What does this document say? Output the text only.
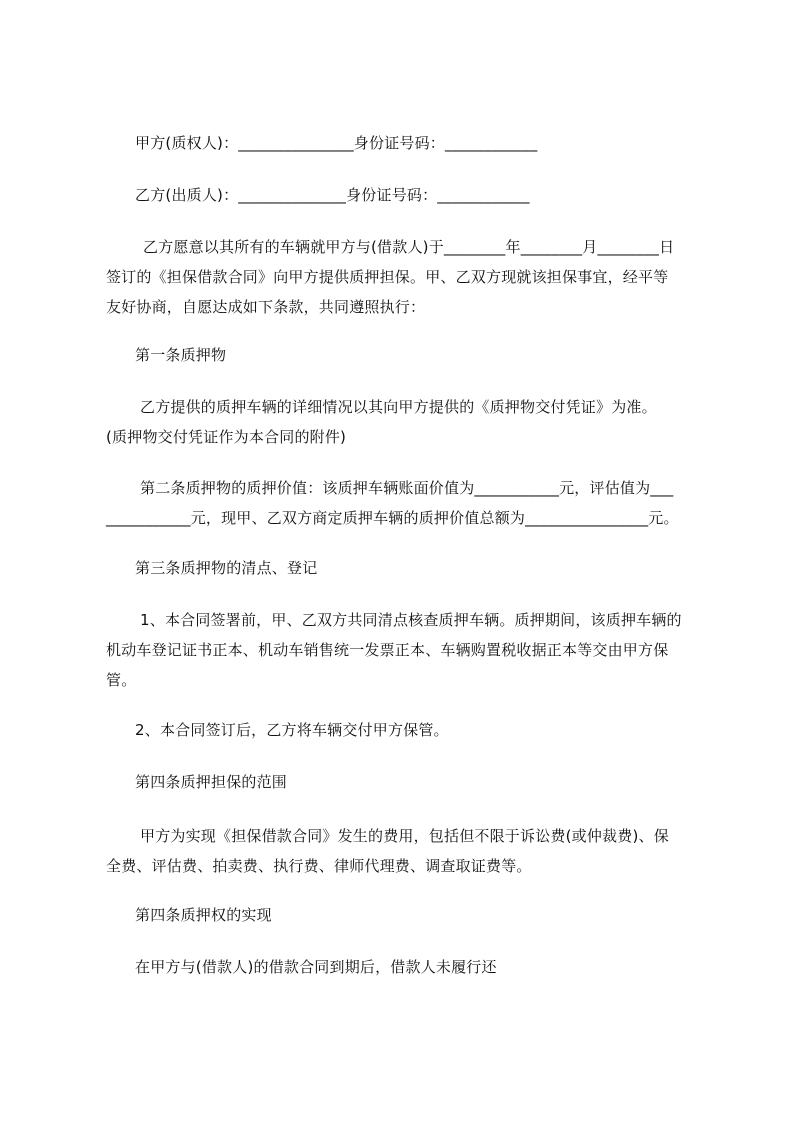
甲方(质权人)：_______________身份证号码：____________

乙方(出质人)：______________身份证号码：____________

乙方愿意以其所有的车辆就甲方与(借款人)于________年________月________日

签订的《担保借款合同》向甲方提供质押担保。甲、乙双方现就该担保事宜，经平等

友好协商，自愿达成如下条款，共同遵照执行：

第一条质押物

乙方提供的质押车辆的详细情况以其向甲方提供的《质押物交付凭证》为准。

(质押物交付凭证作为本合同的附件)

第二条质押物的质押价值：该质押车辆账面价值为___________元，评估值为___

___________元，现甲、乙双方商定质押车辆的质押价值总额为________________元。

第三条质押物的清点、登记

1、本合同签署前，甲、乙双方共同清点核查质押车辆。质押期间，该质押车辆的

机动车登记证书正本、机动车销售统一发票正本、车辆购置税收据正本等交由甲方保

管。

2、本合同签订后，乙方将车辆交付甲方保管。

第四条质押担保的范围

甲方为实现《担保借款合同》发生的费用，包括但不限于诉讼费(或仲裁费)、保

全费、评估费、拍卖费、执行费、律师代理费、调查取证费等。

第四条质押权的实现

在甲方与(借款人)的借款合同到期后，借款人未履行还
